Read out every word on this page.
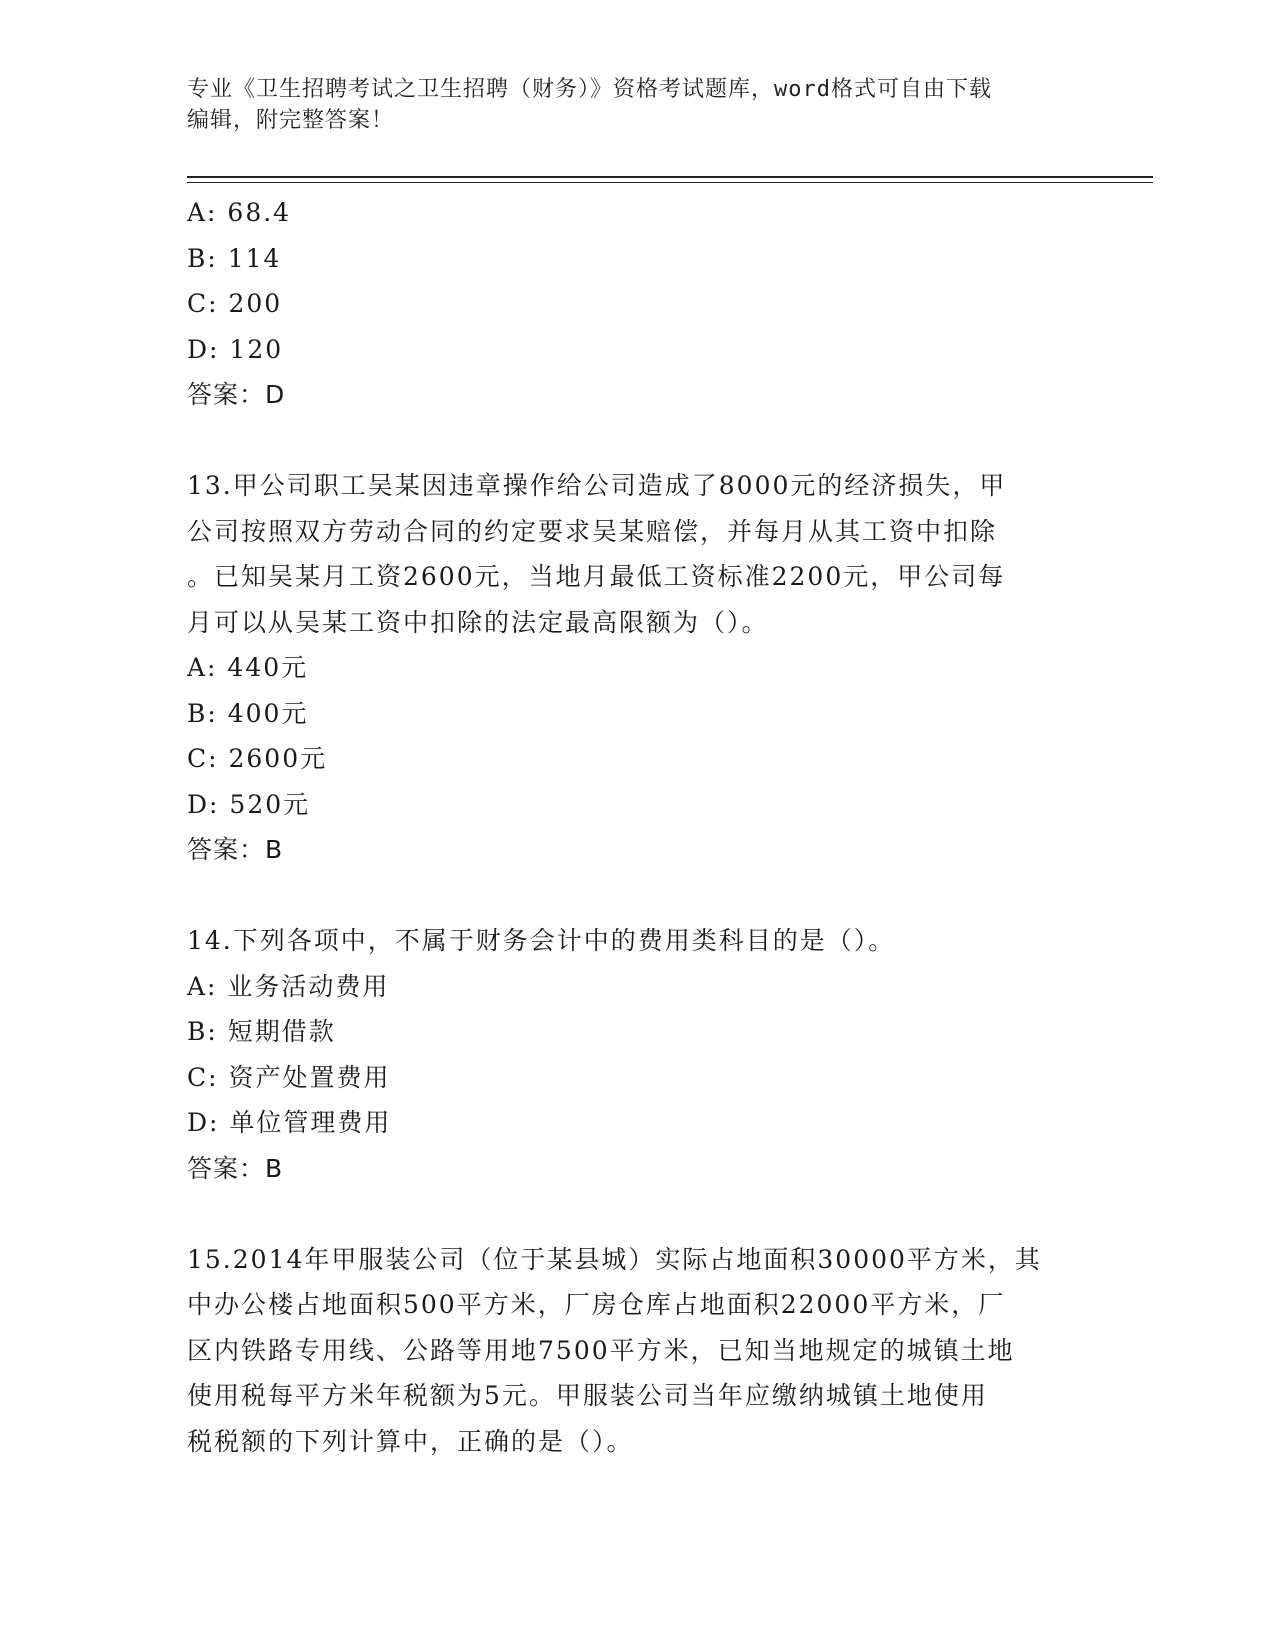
专业《卫生招聘考试之卫生招聘（财务）》资格考试题库，word格式可自由下载
编辑，附完整答案！
A: 68.4
B: 114
C: 200
D: 120
答案：D
13.甲公司职工吴某因违章操作给公司造成了8000元的经济损失，甲
公司按照双方劳动合同的约定要求吴某赔偿，并每月从其工资中扣除
。已知吴某月工资2600元，当地月最低工资标准2200元，甲公司每
月可以从吴某工资中扣除的法定最高限额为（）。
A: 440元
B: 400元
C: 2600元
D: 520元
答案：B
14.下列各项中，不属于财务会计中的费用类科目的是（）。
A: 业务活动费用
B: 短期借款
C: 资产处置费用
D: 单位管理费用
答案：B
15.2014年甲服装公司（位于某县城）实际占地面积30000平方米，其
中办公楼占地面积500平方米，厂房仓库占地面积22000平方米，厂
区内铁路专用线、公路等用地7500平方米，已知当地规定的城镇土地
使用税每平方米年税额为5元。甲服装公司当年应缴纳城镇土地使用
税税额的下列计算中，正确的是（）。
